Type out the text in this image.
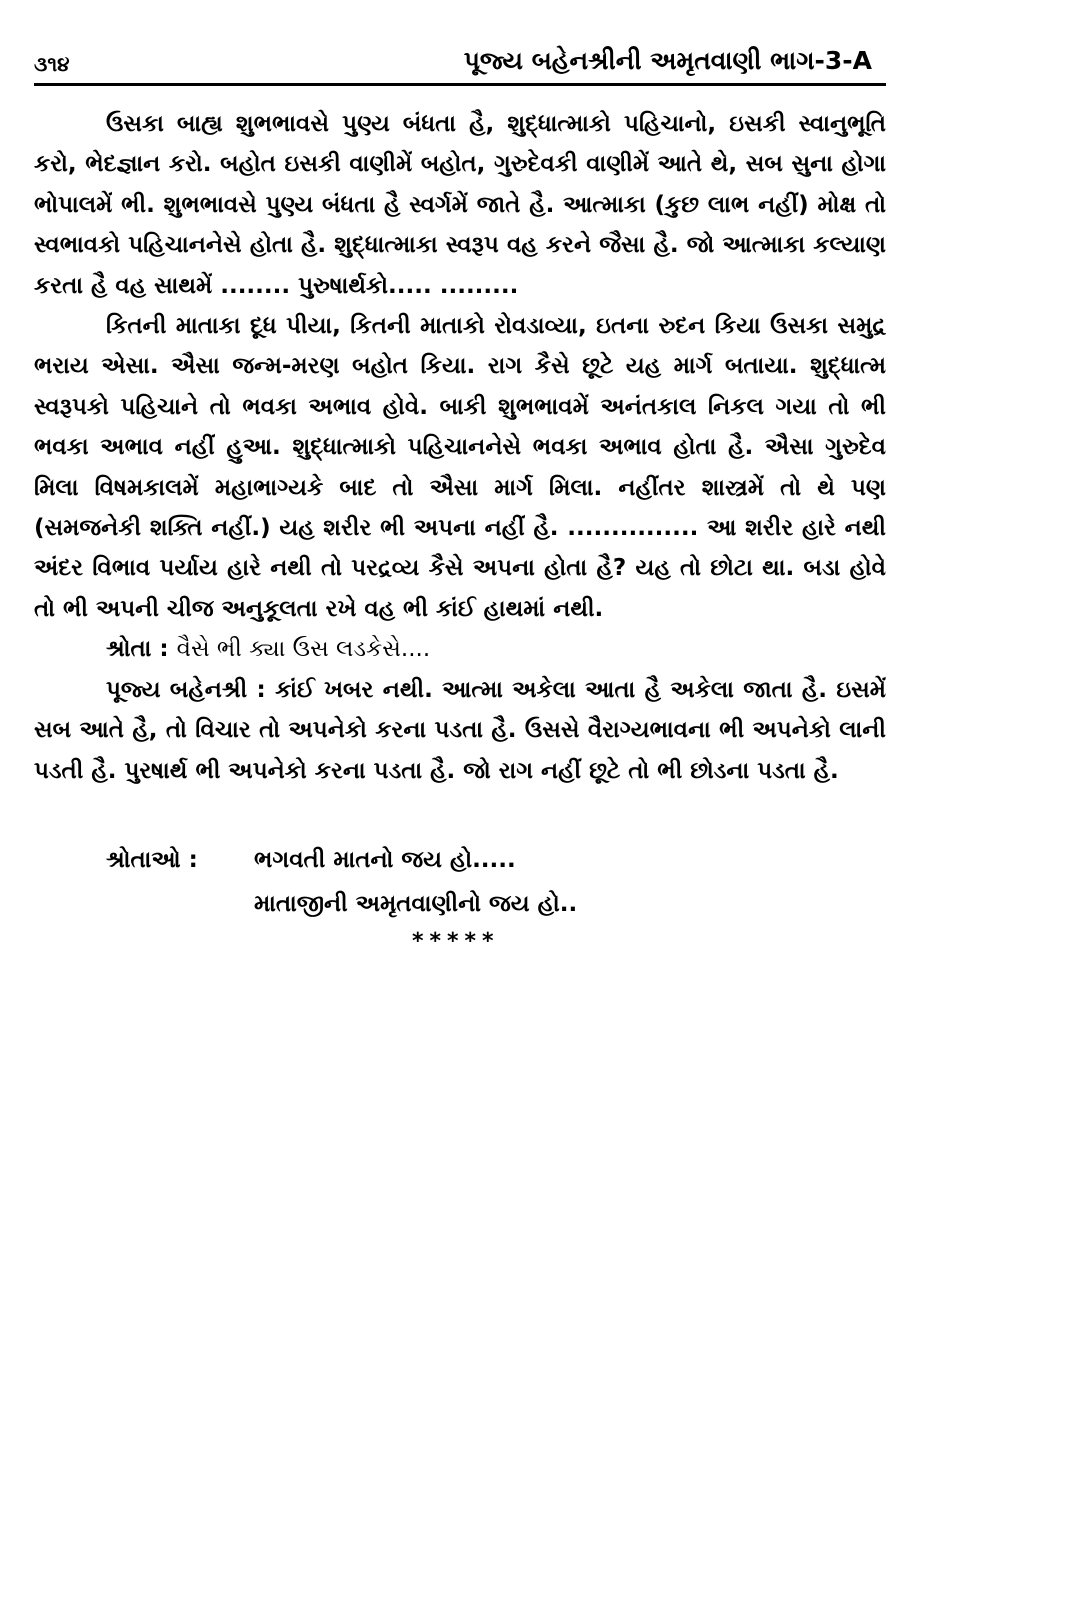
૩૧૪	પૂજ્ય બહેનશ્રીની અમૃતવાણી ભાગ-3-A

ઉસકા બાહ્ય શુભભાવસે પુણ્ય બંધતા હૈ, શુદ્ધાત્માકો પહિચાનો, ઇસકી સ્વાનુભૂતિ કરો, ભેદજ્ઞાન કરો. બહોત ઇસકી વાણીમેં બહોત, ગુરુદેવકી વાણીમેં આતે થે, સબ સુના હોગા ભોપાલમેં ભી. શુભભાવસે પુણ્ય બંધતા હૈ સ્વર્ગમેં જાતે હૈ. આત્માકા (કુછ લાભ નહીં) મોક્ષ તો સ્વભાવકો પહિચાનનેસે હોતા હૈ. શુદ્ધાત્માકા સ્વરૂપ વહ કરને જૈસા હૈ. જો આત્માકા કલ્યાણ કરતા હૈ વહ સાથમેં ........ પુરુષાર્થકો..... .........

કિતની માતાકા દૂધ પીયા, કિતની માતાકો રોવડાવ્યા, ઇતના રુદન કિયા ઉસકા સમુદ્ર ભરાય એસા. ઐસા જન્મ-મરણ બહોત કિયા. રાગ કૈસે છૂટે યહ માર્ગ બતાયા. શુદ્ધાત્મ સ્વરૂપકો પહિચાને તો ભવકા અભાવ હોવે. બાકી શુભભાવમેં અનંતકાલ નિકલ ગયા તો ભી ભવકા અભાવ નહીં હુઆ. શુદ્ધાત્માકો પહિચાનનેસે ભવકા અભાવ હોતા હૈ. ઐસા ગુરુદેવ મિલા વિષમકાલમેં મહાભાગ્યકે બાદ તો ઐસા માર્ગ મિલા. નહીંતર શાસ્ત્રમેં તો થે પણ (સમજનેકી શક્તિ નહીં.) યહ શરીર ભી અપના નહીં હૈ. ............... આ શરીર હારે નથી અંદર વિભાવ પર્યાય હારે નથી તો પરદ્રવ્ય કૈસે અપના હોતા હૈ? યહ તો છોટા થા. બડા હોવે તો ભી અપની ચીજ અનુકૂલતા રખે વહ ભી કાંઈ હાથમાં નથી.

શ્રોતા : વૈસે ભી ક્યા ઉસ લડકેસે....

પૂજ્ય બહેનશ્રી : કાંઈ ખબર નથી. આત્મા અકેલા આતા હૈ અકેલા જાતા હૈ. ઇસમેં સબ આતે હૈ, તો વિચાર તો અપનેકો કરના પડતા હૈ. ઉસસે વૈરાગ્યભાવના ભી અપનેકો લાની પડતી હૈ. પુરષાર્થ ભી અપનેકો કરના પડતા હૈ. જો રાગ નહીં છૂટે તો ભી છોડના પડતા હૈ.

શ્રોતાઓ : ભગવતી માતનો જય હો.....
માતાજીની અમૃતવાણીનો જય હો..
*****
